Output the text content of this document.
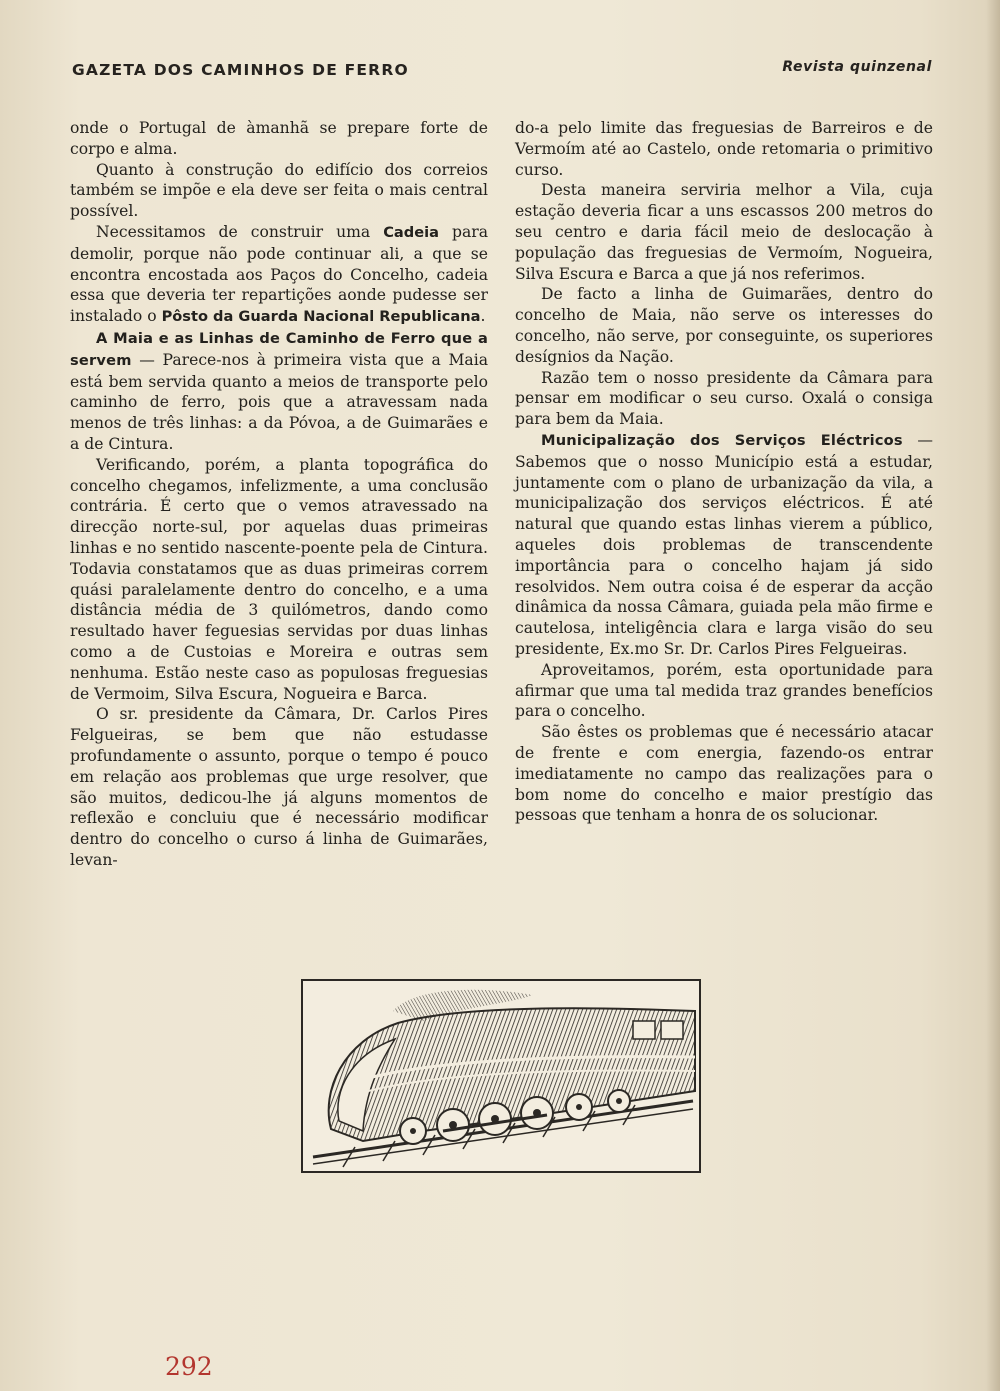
GAZETA DOS CAMINHOS DE FERRO	Revista quinzenal

onde o Portugal de àmanhã se prepare forte de corpo e alma.

Quanto à construção do edifício dos correios também se impõe e ela deve ser feita o mais central possível.

Necessitamos de construir uma Cadeia para demolir, porque não pode continuar ali, a que se encontra encostada aos Paços do Concelho, cadeia essa que deveria ter repartições aonde pudesse ser instalado o Pôsto da Guarda Nacional Republicana.

A Maia e as Linhas de Caminho de Ferro que a servem — Parece-nos à primeira vista que a Maia está bem servida quanto a meios de transporte pelo caminho de ferro, pois que a atravessam nada menos de três linhas: a da Póvoa, a de Guimarães e a de Cintura.

Verificando, porém, a planta topográfica do concelho chegamos, infelizmente, a uma conclusão contrária. É certo que o vemos atravessado na direcção norte-sul, por aquelas duas primeiras linhas e no sentido nascente-poente pela de Cintura. Todavia constatamos que as duas primeiras correm quási paralelamente dentro do concelho, e a uma distância média de 3 quilómetros, dando como resultado haver feguesias servidas por duas linhas como a de Custoias e Moreira e outras sem nenhuma. Estão neste caso as populosas freguesias de Vermoim, Silva Escura, Nogueira e Barca.

O sr. presidente da Câmara, Dr. Carlos Pires Felgueiras, se bem que não estudasse profundamente o assunto, porque o tempo é pouco em relação aos problemas que urge resolver, que são muitos, dedicou-lhe já alguns momentos de reflexão e concluiu que é necessário modificar dentro do concelho o curso á linha de Guimarães, levan-

do-a pelo limite das freguesias de Barreiros e de Vermoím até ao Castelo, onde retomaria o primitivo curso.

Desta maneira serviria melhor a Vila, cuja estação deveria ficar a uns escassos 200 metros do seu centro e daria fácil meio de deslocação à população das freguesias de Vermoím, Nogueira, Silva Escura e Barca a que já nos referimos.

De facto a linha de Guimarães, dentro do concelho de Maia, não serve os interesses do concelho, não serve, por conseguinte, os superiores desígnios da Nação.

Razão tem o nosso presidente da Câmara para pensar em modificar o seu curso. Oxalá o consiga para bem da Maia.

Municipalização dos Serviços Eléctricos — Sabemos que o nosso Município está a estudar, juntamente com o plano de urbanização da vila, a municipalização dos serviços eléctricos. É até natural que quando estas linhas vierem a público, aqueles dois problemas de transcendente importância para o concelho hajam já sido resolvidos. Nem outra coisa é de esperar da acção dinâmica da nossa Câmara, guiada pela mão firme e cautelosa, inteligência clara e larga visão do seu presidente, Ex.mo Sr. Dr. Carlos Pires Felgueiras.

Aproveitamos, porém, esta oportunidade para afirmar que uma tal medida traz grandes benefícios para o concelho.

São êstes os problemas que é necessário atacar de frente e com energia, fazendo-os entrar imediatamente no campo das realizações para o bom nome do concelho e maior prestígio das pessoas que tenham a honra de os solucionar.

292
